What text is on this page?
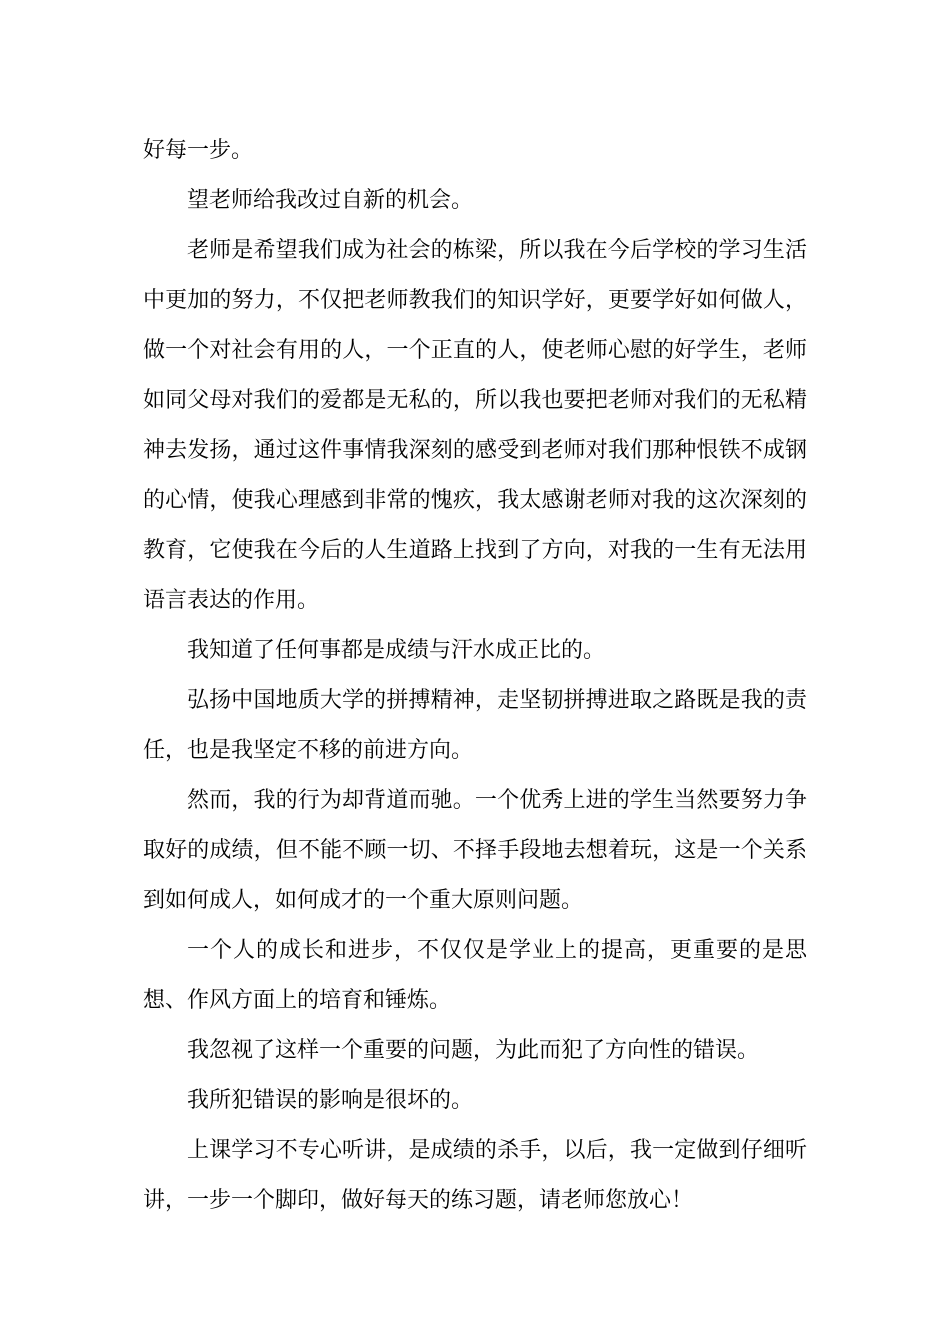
好每一步。

望老师给我改过自新的机会。

老师是希望我们成为社会的栋梁，所以我在今后学校的学习生活中更加的努力，不仅把老师教我们的知识学好，更要学好如何做人，做一个对社会有用的人，一个正直的人，使老师心慰的好学生，老师如同父母对我们的爱都是无私的，所以我也要把老师对我们的无私精神去发扬，通过这件事情我深刻的感受到老师对我们那种恨铁不成钢的心情，使我心理感到非常的愧疚，我太感谢老师对我的这次深刻的教育，它使我在今后的人生道路上找到了方向，对我的一生有无法用语言表达的作用。

我知道了任何事都是成绩与汗水成正比的。

弘扬中国地质大学的拼搏精神，走坚韧拼搏进取之路既是我的责任，也是我坚定不移的前进方向。

然而，我的行为却背道而驰。一个优秀上进的学生当然要努力争取好的成绩，但不能不顾一切、不择手段地去想着玩，这是一个关系到如何成人，如何成才的一个重大原则问题。

一个人的成长和进步，不仅仅是学业上的提高，更重要的是思想、作风方面上的培育和锤炼。

我忽视了这样一个重要的问题，为此而犯了方向性的错误。

我所犯错误的影响是很坏的。

上课学习不专心听讲，是成绩的杀手，以后，我一定做到仔细听讲，一步一个脚印，做好每天的练习题，请老师您放心！
